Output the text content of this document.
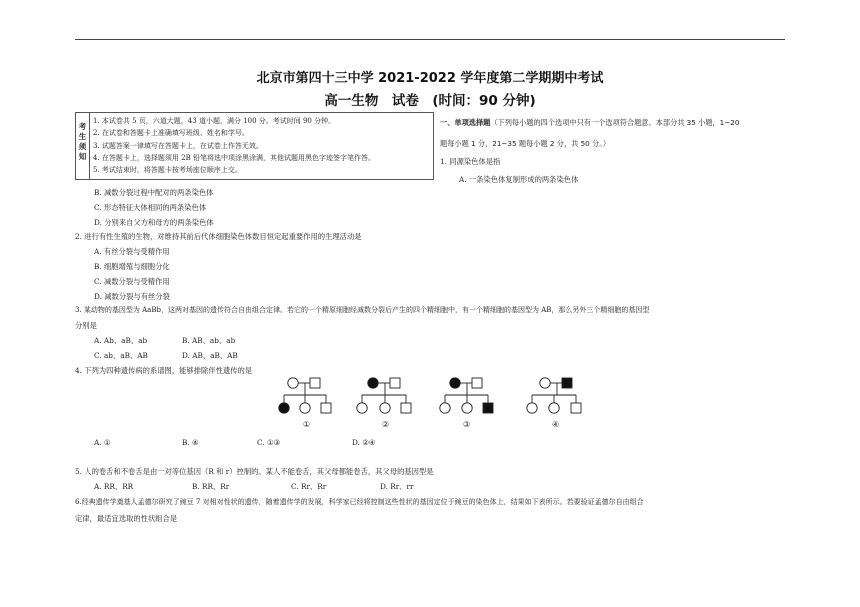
北京市第四十三中学 2021-2022 学年度第二学期期中考试
高一生物　试卷　(时间：90 分钟)
考生须知
1. 本试卷共 5 页，六道大题，43 道小题，满分 100 分。考试时间 90 分钟。
2. 在试卷和答题卡上准确填写班级、姓名和学号。
3. 试题答案一律填写在答题卡上，在试卷上作答无效。
4. 在答题卡上，选择题须用 2B 铅笔将选中项涂黑涂满，其他试题用黑色字迹签字笔作答。
5. 考试结束时，将答题卡按考场座位顺序上交。
一、单项选择题（下列每小题的四个选项中只有一个选项符合题意。本部分共 35 小题，1~20
题每小题 1 分，21~35 题每小题 2 分，共 50 分。）
1. 同源染色体是指
A. 一条染色体复制形成的两条染色体
B. 减数分裂过程中配对的两条染色体
C. 形态特征大体相同的两条染色体
D. 分别来自父方和母方的两条染色体
2. 进行有性生殖的生物，对维持其前后代体细胞染色体数目恒定起重要作用的生理活动是
A. 有丝分裂与受精作用
B. 细胞增殖与细胞分化
C. 减数分裂与受精作用
D. 减数分裂与有丝分裂
3. 某动物的基因型为 AaBb，这两对基因的遗传符合自由组合定律。若它的一个精原细胞经减数分裂后产生的四个精细胞中，有一个精细胞的基因型为 AB，那么另外三个精细胞的基因型
分别是
A. Ab、aB、ab	B. AB、ab、ab
C. ab、aB、AB	D. AB、aB、AB
4. 下列为四种遗传病的系谱图，能够排除伴性遗传的是
①	②	③	④
A. ①	B. ④	C. ①③	D. ②④
5. 人的卷舌和不卷舌是由一对等位基因（R 和 r）控制的。某人不能卷舌，其父母都能卷舌，其父母的基因型是
A. RR、RR	B. RR、Rr	C. Rr、Rr	D. Rr、rr
6.经典遗传学奠基人孟德尔研究了豌豆 7 对相对性状的遗传，随着遗传学的发展，科学家已经将控制这些性状的基因定位于豌豆的染色体上，结果如下表所示。若要验证孟德尔自由组合
定律，最适宜选取的性状组合是
